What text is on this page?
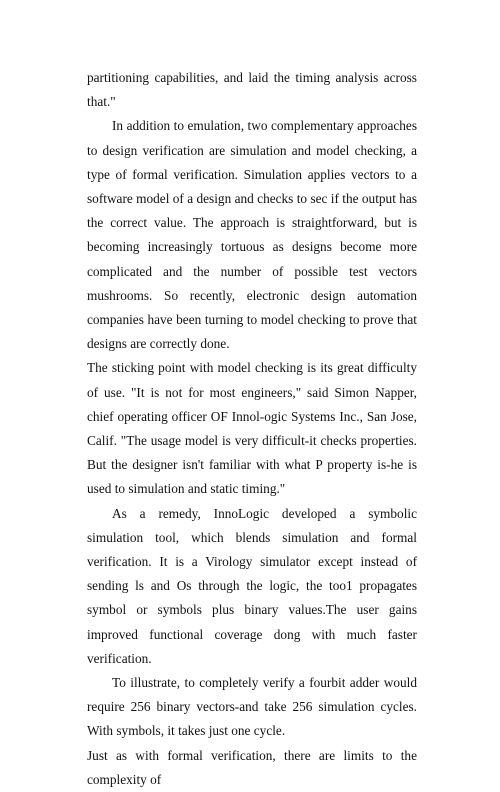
partitioning capabilities, and laid the timing analysis across that."

In addition to emulation, two complementary approaches to design verification are simulation and model checking, a type of formal verification. Simulation applies vectors to a software model of a design and checks to sec if the output has the correct value. The approach is straightforward, but is becoming increasingly tortuous as designs become more complicated and the number of possible test vectors mushrooms. So recently, electronic design automation companies have been turning to model checking to prove that designs are correctly done.

The sticking point with model checking is its great difficulty of use. "It is not for most engineers," said Simon Napper, chief operating officer OF Innol-ogic Systems Inc., San Jose, Calif. "The usage model is very difficult-it checks properties. But the designer isn't familiar with what P property is-he is used to simulation and static timing."

As a remedy, InnoLogic developed a symbolic simulation tool, which blends simulation and formal verification. It is a Virology simulator except instead of sending ls and Os through the logic, the too1 propagates symbol or symbols plus binary values.The user gains improved functional coverage dong with much faster verification.

To illustrate, to completely verify a fourbit adder would require 256 binary vectors-and take 256 simulation cycles. With symbols, it takes just one cycle.

Just as with formal verification, there are limits to the complexity of
